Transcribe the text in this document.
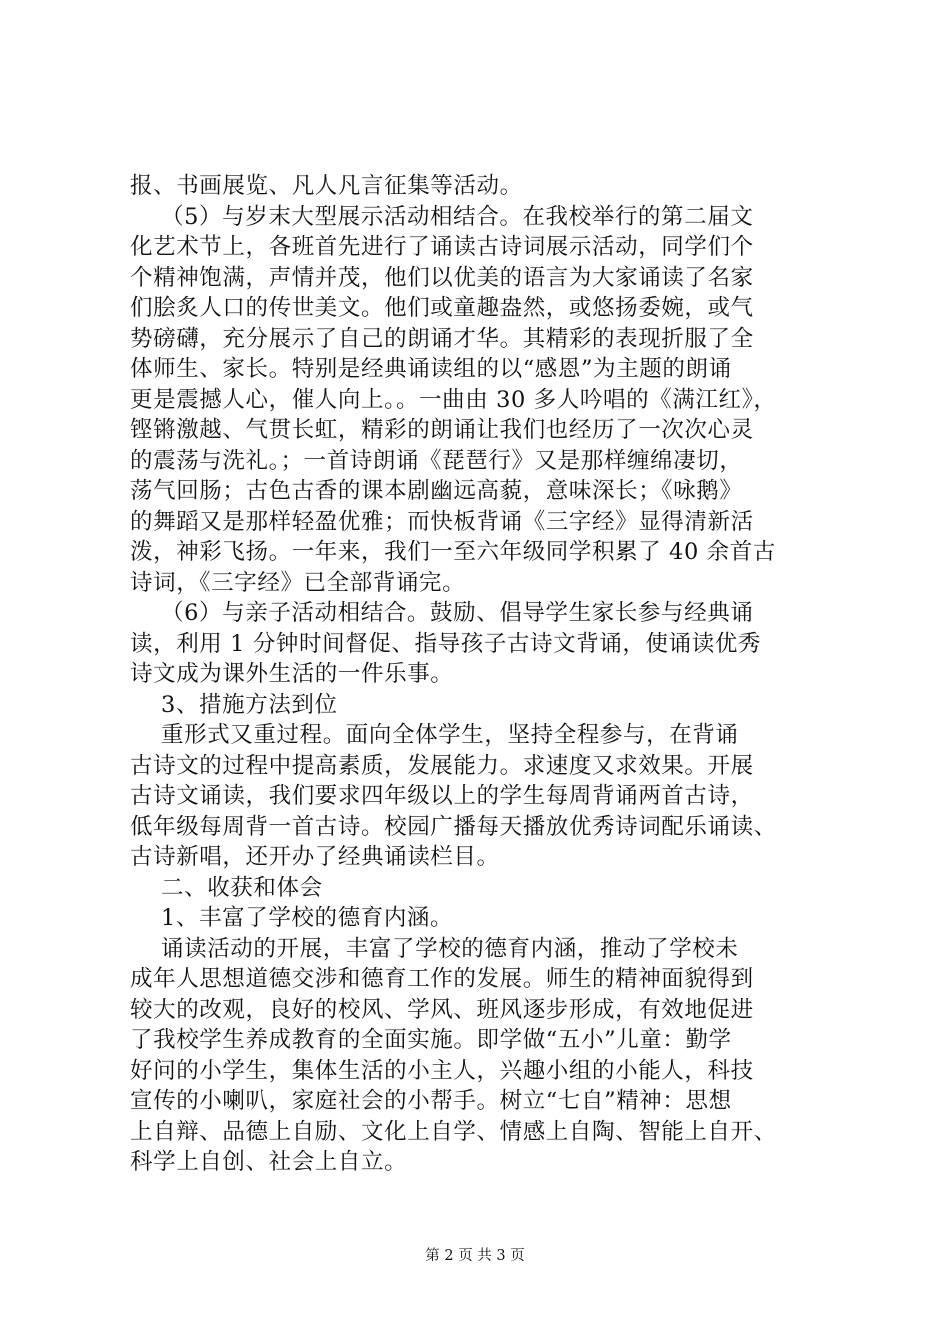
报、书画展览、凡人凡言征集等活动。
（5）与岁末大型展示活动相结合。在我校举行的第二届文
化艺术节上，各班首先进行了诵读古诗词展示活动，同学们个
个精神饱满，声情并茂，他们以优美的语言为大家诵读了名家
们脍炙人口的传世美文。他们或童趣盎然，或悠扬委婉，或气
势磅礴，充分展示了自己的朗诵才华。其精彩的表现折服了全
体师生、家长。特别是经典诵读组的以“感恩”为主题的朗诵
更是震撼人心，催人向上。。一曲由 30 多人吟唱的《满江红》，
铿锵激越、气贯长虹，精彩的朗诵让我们也经历了一次次心灵
的震荡与洗礼。；一首诗朗诵《琵琶行》又是那样缠绵凄切，
荡气回肠；古色古香的课本剧幽远高藐，意味深长；《咏鹅》
的舞蹈又是那样轻盈优雅；而快板背诵《三字经》显得清新活
泼，神彩飞扬。一年来，我们一至六年级同学积累了 40 余首古
诗词，《三字经》已全部背诵完。
（6）与亲子活动相结合。鼓励、倡导学生家长参与经典诵
读，利用 1 分钟时间督促、指导孩子古诗文背诵，使诵读优秀
诗文成为课外生活的一件乐事。
3、措施方法到位
重形式又重过程。面向全体学生，坚持全程参与，在背诵
古诗文的过程中提高素质，发展能力。求速度又求效果。开展
古诗文诵读，我们要求四年级以上的学生每周背诵两首古诗，
低年级每周背一首古诗。校园广播每天播放优秀诗词配乐诵读、
古诗新唱，还开办了经典诵读栏目。
二、收获和体会
1、丰富了学校的德育内涵。
诵读活动的开展，丰富了学校的德育内涵，推动了学校未
成年人思想道德交涉和德育工作的发展。师生的精神面貌得到
较大的改观，良好的校风、学风、班风逐步形成，有效地促进
了我校学生养成教育的全面实施。即学做“五小”儿童：勤学
好问的小学生，集体生活的小主人，兴趣小组的小能人，科技
宣传的小喇叭，家庭社会的小帮手。树立“七自”精神：思想
上自辩、品德上自励、文化上自学、情感上自陶、智能上自开、
科学上自创、社会上自立。
第 2 页 共 3 页
